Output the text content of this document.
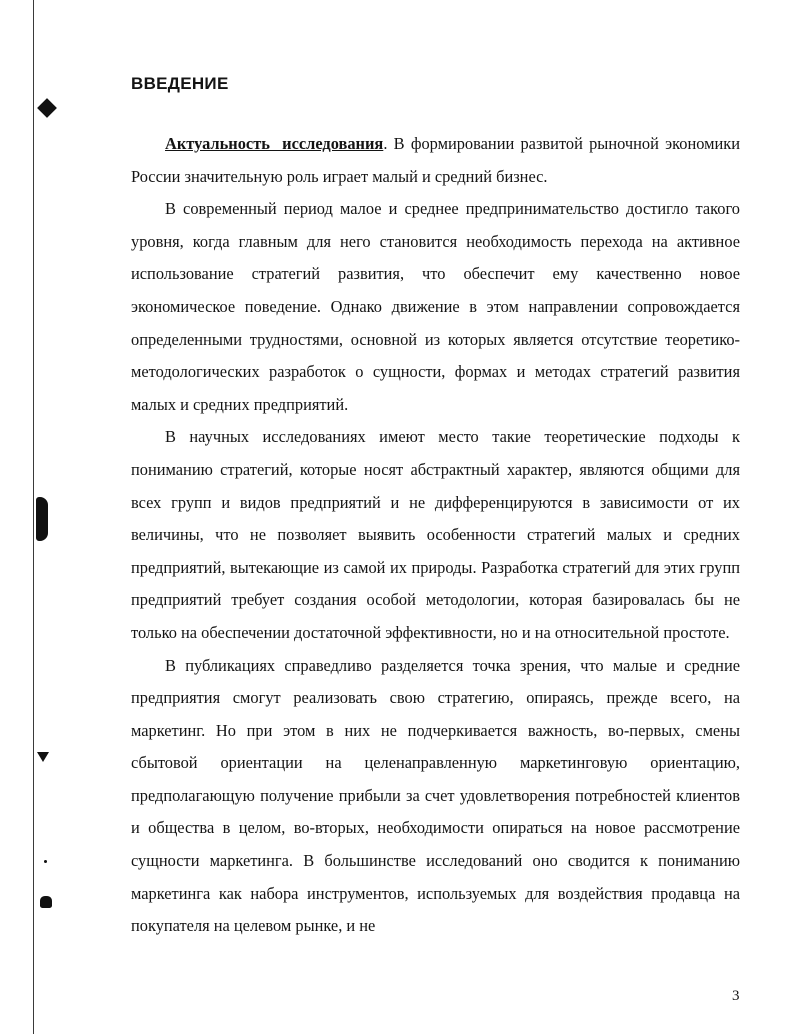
ВВЕДЕНИЕ

Актуальность исследования. В формировании развитой рыночной экономики России значительную роль играет малый и средний бизнес.

В современный период малое и среднее предпринимательство достигло такого уровня, когда главным для него становится необходимость перехода на активное использование стратегий развития, что обеспечит ему качественно новое экономическое поведение. Однако движение в этом направлении сопровождается определенными трудностями, основной из которых является отсутствие теоретико-методологических разработок о сущности, формах и методах стратегий развития малых и средних предприятий.

В научных исследованиях имеют место такие теоретические подходы к пониманию стратегий, которые носят абстрактный характер, являются общими для всех групп и видов предприятий и не дифференцируются в зависимости от их величины, что не позволяет выявить особенности стратегий малых и средних предприятий, вытекающие из самой их природы. Разработка стратегий для этих групп предприятий требует создания особой методологии, которая базировалась бы не только на обеспечении достаточной эффективности, но и на относительной простоте.

В публикациях справедливо разделяется точка зрения, что малые и средние предприятия смогут реализовать свою стратегию, опираясь, прежде всего, на маркетинг. Но при этом в них не подчеркивается важность, во-первых, смены сбытовой ориентации на целенаправленную маркетинговую ориентацию, предполагающую получение прибыли за счет удовлетворения потребностей клиентов и общества в целом, во-вторых, необходимости опираться на новое рассмотрение сущности маркетинга. В большинстве исследований оно сводится к пониманию маркетинга как набора инструментов, используемых для воздействия продавца на покупателя на целевом рынке, и не

3
